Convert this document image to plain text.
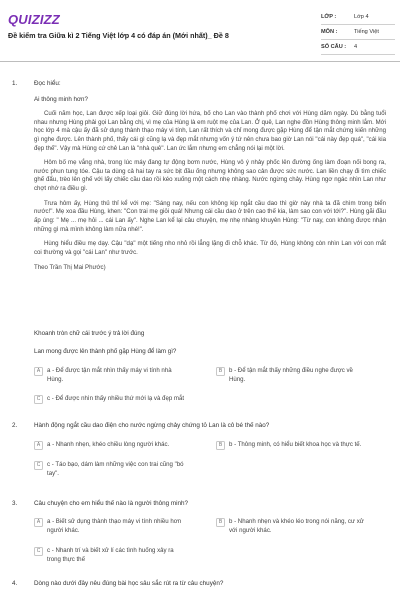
QUIZIZZ
Đề kiểm tra Giữa kì 2 Tiếng Việt lớp 4 có đáp án (Mới nhất)_ Đề 8
LỚP :	Lớp 4
MÔN :	Tiếng Việt
SỐ CÂU : 4
1.	Đọc hiểu:
Ai thông minh hơn?

Cuối năm học, Lan được xếp loại giỏi. Giữ đúng lời hứa, bố cho Lan vào thành phố chơi với Hùng dăm ngày. Dù bằng tuổi nhau nhưng Hùng phải gọi Lan bằng chị, vì mẹ của Hùng là em ruột mẹ của Lan. Ở quê, Lan nghe đồn Hùng thông minh lắm. Mới học lớp 4 mà cậu ấy đã sử dụng thành thạo máy vi tính, Lan rất thích và chỉ mong được gặp Hùng để tận mắt chứng kiến những gì nghe được. Lên thành phố, thấy cái gì cũng lạ và đẹp mắt nhưng vốn ý tứ nên chưa bao giờ Lan nói "cái này đẹp quá", "cái kia đẹp thế". Vậy mà Hùng cứ chê Lan là "nhà quê". Lan ức lắm nhưng em chẳng nói lại một lời.

Hôm bố mẹ vắng nhà, trong lúc máy đang tự động bơm nước, Hùng vô ý nhảy phốc lên đường ống làm đoạn nối bong ra, nước phun tung tóe. Cậu ta dùng cả hai tay ra sức bịt đầu ống nhưng không sao cản được sức nước. Lan liền chạy đi tìm chiếc ghế đẩu, trèo lên ghế với lấy chiếc cầu dao rồi kéo xuống một cách nhẹ nhàng. Nước ngừng chảy. Hùng ngơ ngác nhìn Lan như chợt nhớ ra điều gì.

Trưa hôm ấy, Hùng thủ thỉ kể với mẹ: "Sáng nay, nếu con không kịp ngắt cầu dao thì giờ này nhà ta đã chìm trong biển nước!". Mẹ xoa đầu Hùng, khen: "Con trai mẹ giỏi quá! Nhưng cái cầu dao ở trên cao thế kia, làm sao con với tới?". Hùng gãi đầu ấp úng: " Mẹ ... mẹ hỏi ... cái Lan ấy". Nghe Lan kể lại câu chuyện, mẹ nhẹ nhàng khuyên Hùng: "Từ nay, con không được nhận những gì mà mình không làm nữa nhé!".

Hùng hiểu điều mẹ dạy. Cậu "dạ" một tiếng nho nhỏ rồi lẳng lặng đi chỗ khác. Từ đó, Hùng không còn nhìn Lan với con mắt coi thường và gọi "cái Lan" như trước.

Theo Trần Thị Mai Phước)

Khoanh tròn chữ cái trước ý trả lời đúng
Lan mong được lên thành phố gặp Hùng để làm gì?
A	a - Để được tận mắt nhìn thấy máy vi tính nhà
Hùng.
B	b - Để tận mắt thấy những điều nghe được về
Hùng.
C	c - Để được nhìn thấy nhiều thứ mới lạ và đẹp mắt
2.	Hành động ngắt cầu dao điện cho nước ngừng chảy chứng tỏ Lan là cô bé thế nào?
A	a - Nhanh nhẹn, khéo chiều lòng người khác.	B	b - Thông minh, có hiểu biết khoa học và thực tế.
C	c - Táo bạo, dám làm những việc con trai cũng "bó
tay".
3.	Câu chuyện cho em hiểu thế nào là người thông minh?
A	a - Biết sử dụng thành thạo máy vi tính nhiều hơn
người khác.
B	b - Nhanh nhẹn và khéo léo trong nói năng, cư xử
với người khác.
C	c - Nhanh trí và biết xử lí các tình huống xảy ra
trong thực thế
4.	Dòng nào dưới đây nêu đúng bài học sâu sắc rút ra từ câu chuyện?
